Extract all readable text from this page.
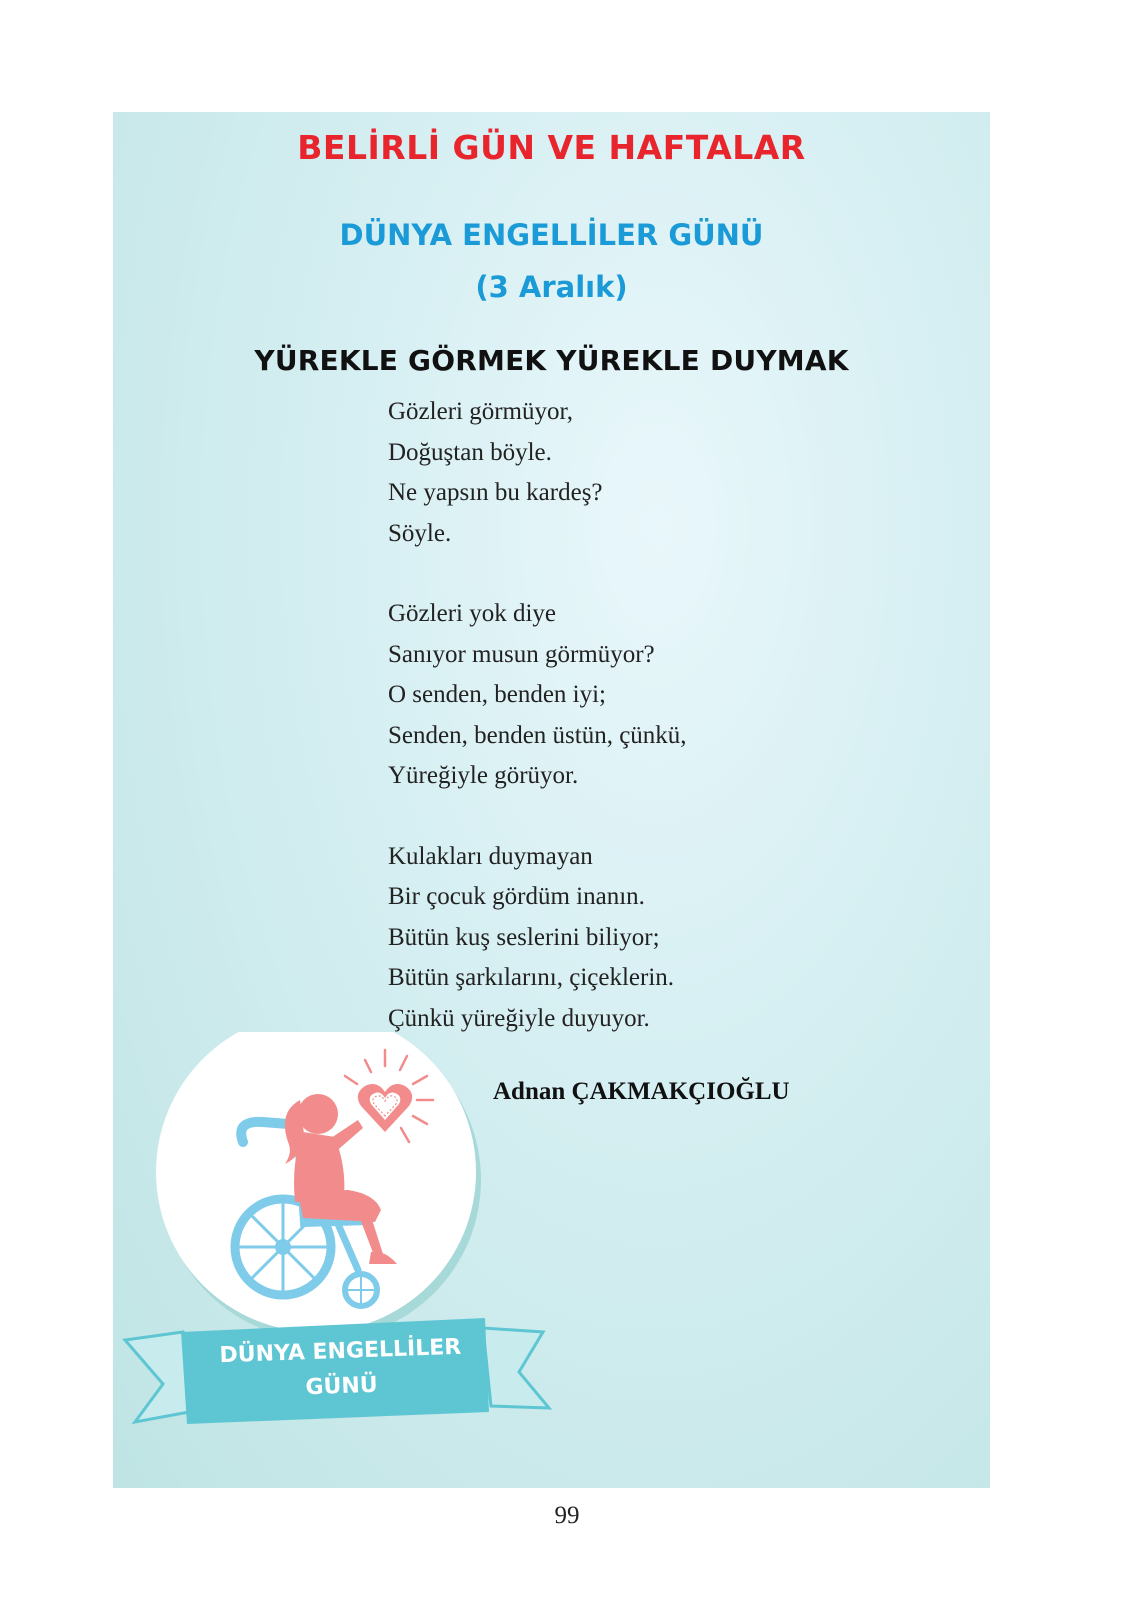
BELİRLİ GÜN VE HAFTALAR
DÜNYA ENGELLİLER GÜNÜ
(3 Aralık)
YÜREKLE GÖRMEK YÜREKLE DUYMAK
Gözleri görmüyor,
Doğuştan böyle.
Ne yapsın bu kardeş?
Söyle.
Gözleri yok diye
Sanıyor musun görmüyor?
O senden, benden iyi;
Senden, benden üstün, çünkü,
Yüreğiyle görüyor.
Kulakları duymayan
Bir çocuk gördüm inanın.
Bütün kuş seslerini biliyor;
Bütün şarkılarını, çiçeklerin.
Çünkü yüreğiyle duyuyor.
Adnan ÇAKMAKÇIOĞLU
DÜNYA ENGELLİLER
GÜNÜ
99
